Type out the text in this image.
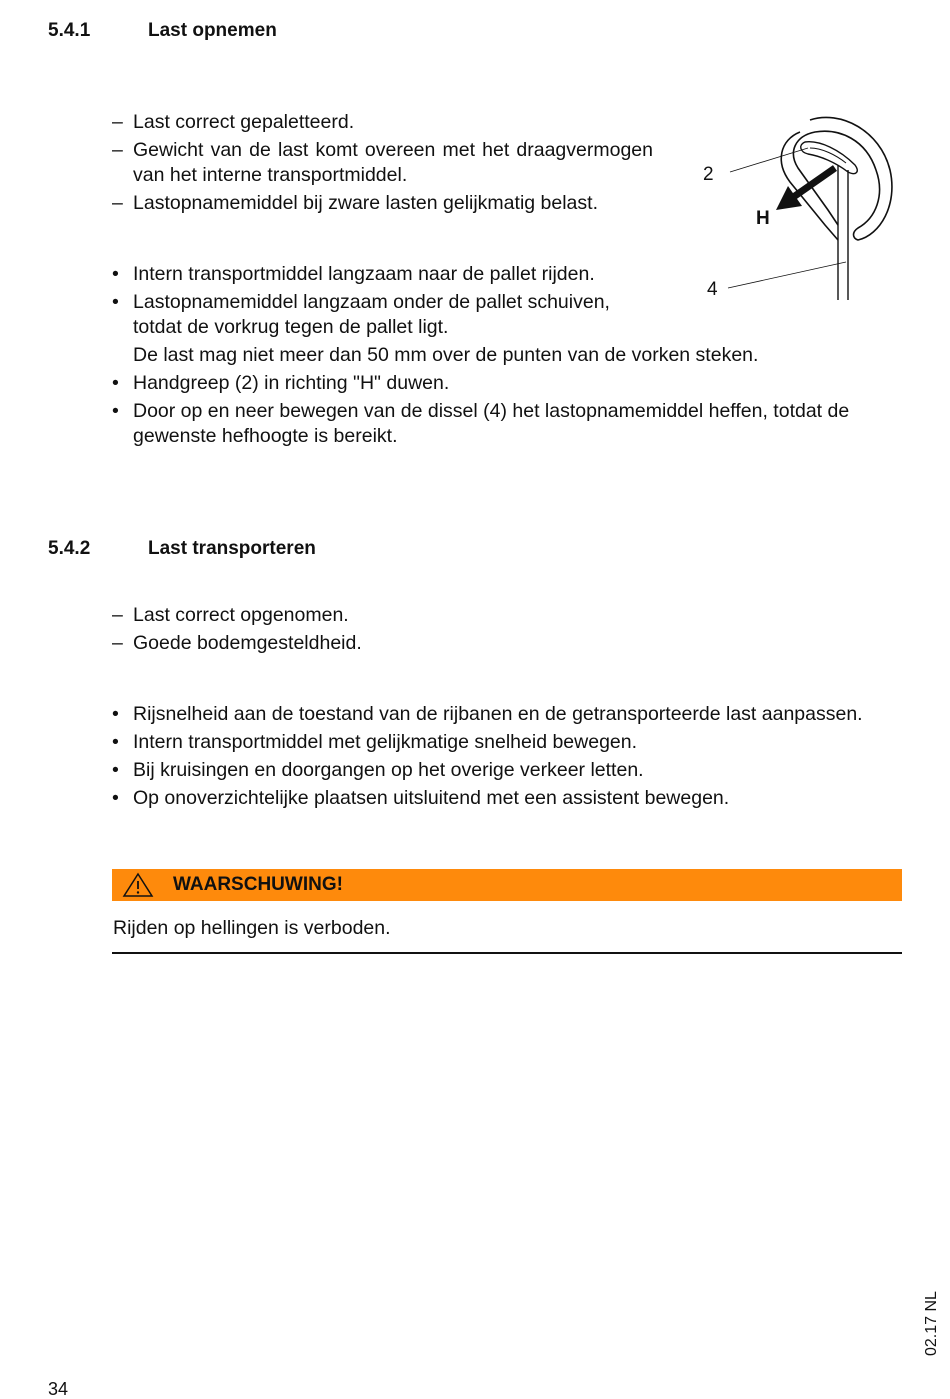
5.4.1	Last opnemen
– Last correct gepaletteerd.
– Gewicht van de last komt overeen met het draagvermogen van het interne transportmiddel.
– Lastopnamemiddel bij zware lasten gelijkmatig belast.
• Intern transportmiddel langzaam naar de pallet rijden.
• Lastopnamemiddel langzaam onder de pallet schuiven, totdat de vorkrug tegen de pallet ligt.
De last mag niet meer dan 50 mm over de punten van de vorken steken.
• Handgreep (2) in richting "H" duwen.
• Door op en neer bewegen van de dissel (4) het lastopnamemiddel heffen, totdat de gewenste hefhoogte is bereikt.
2
H
4
5.4.2	Last transporteren
– Last correct opgenomen.
– Goede bodemgesteldheid.
• Rijsnelheid aan de toestand van de rijbanen en de getransporteerde last aanpassen.
• Intern transportmiddel met gelijkmatige snelheid bewegen.
• Bij kruisingen en doorgangen op het overige verkeer letten.
• Op onoverzichtelijke plaatsen uitsluitend met een assistent bewegen.
WAARSCHUWING!
Rijden op hellingen is verboden.
02.17 NL
34
